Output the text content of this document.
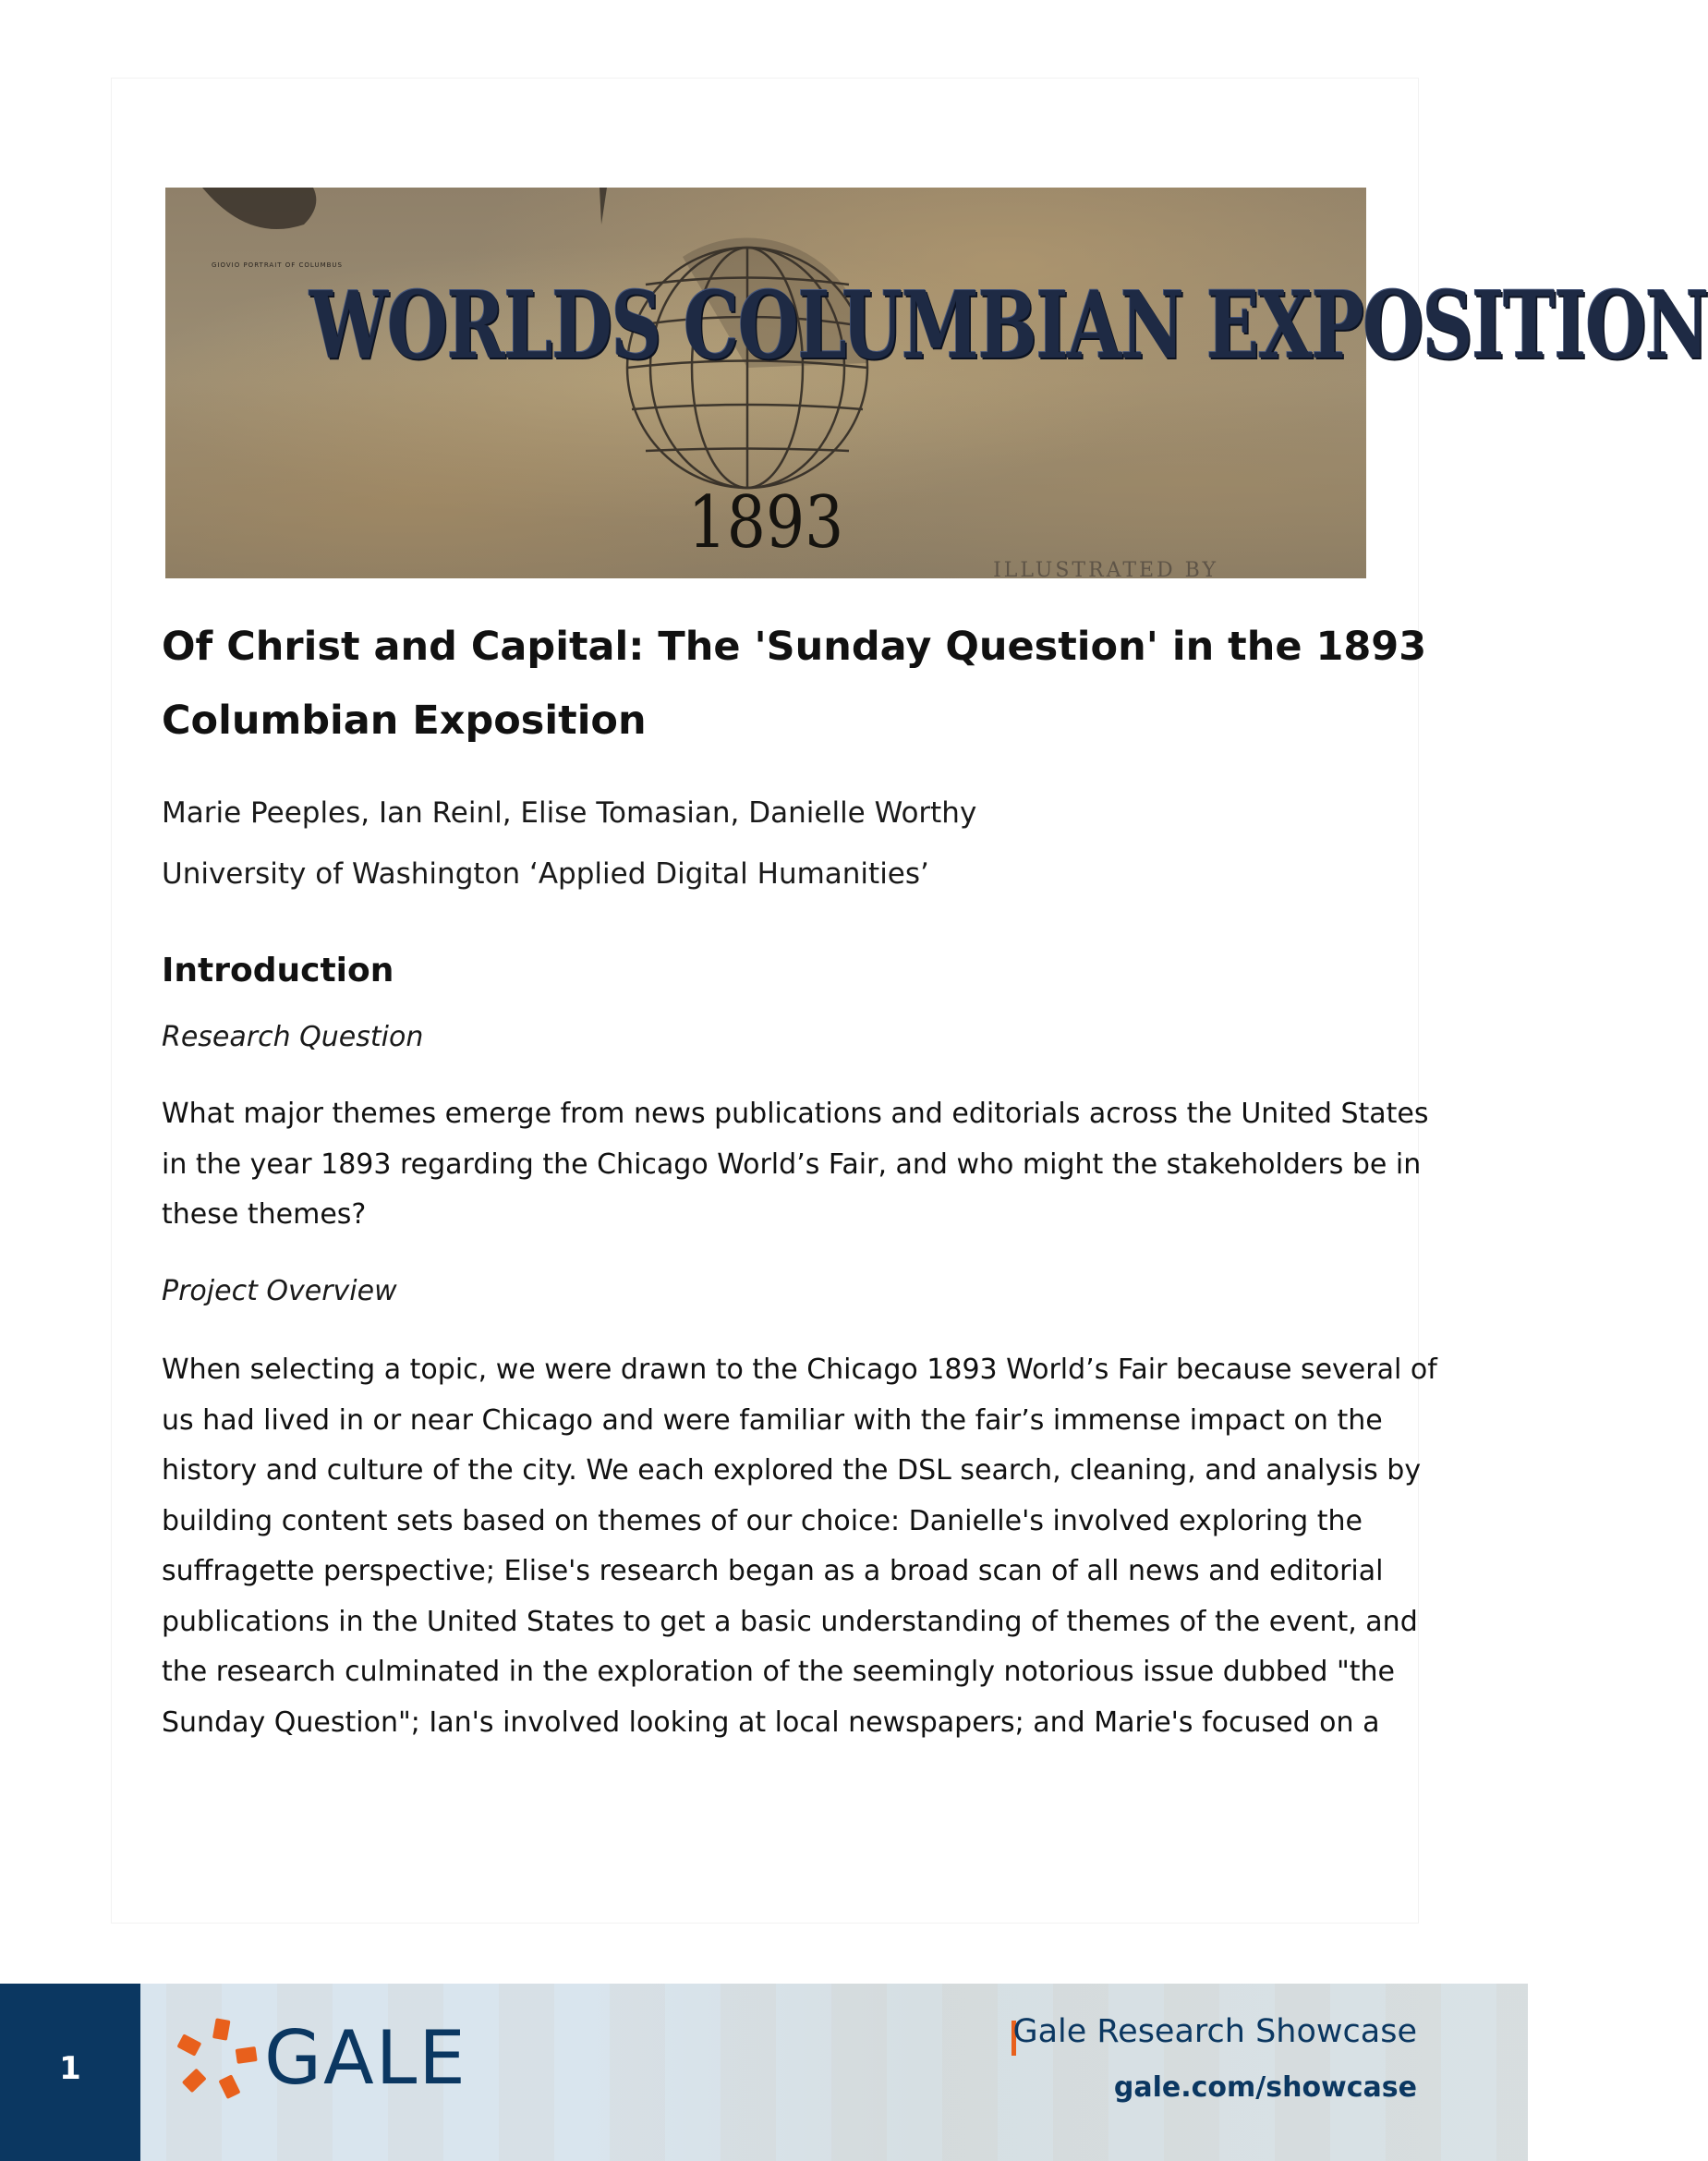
GIOVIO PORTRAIT OF COLUMBUS
WORLDS COLUMBIAN EXPOSITION
1893
ILLUSTRATED BY
Of Christ and Capital: The 'Sunday Question' in the 1893
Columbian Exposition
Marie Peeples, Ian Reinl, Elise Tomasian, Danielle Worthy
University of Washington ‘Applied Digital Humanities’
Introduction
Research Question

What major themes emerge from news publications and editorials across the United States
in the year 1893 regarding the Chicago World’s Fair, and who might the stakeholders be in
these themes?

Project Overview

When selecting a topic, we were drawn to the Chicago 1893 World’s Fair because several of
us had lived in or near Chicago and were familiar with the fair’s immense impact on the
history and culture of the city. We each explored the DSL search, cleaning, and analysis by
building content sets based on themes of our choice: Danielle's involved exploring the
suffragette perspective; Elise's research began as a broad scan of all news and editorial
publications in the United States to get a basic understanding of themes of the event, and
the research culminated in the exploration of the seemingly notorious issue dubbed "the
Sunday Question"; Ian's involved looking at local newspapers; and Marie's focused on a

1	GALE	Gale Research Showcase
gale.com/showcase
